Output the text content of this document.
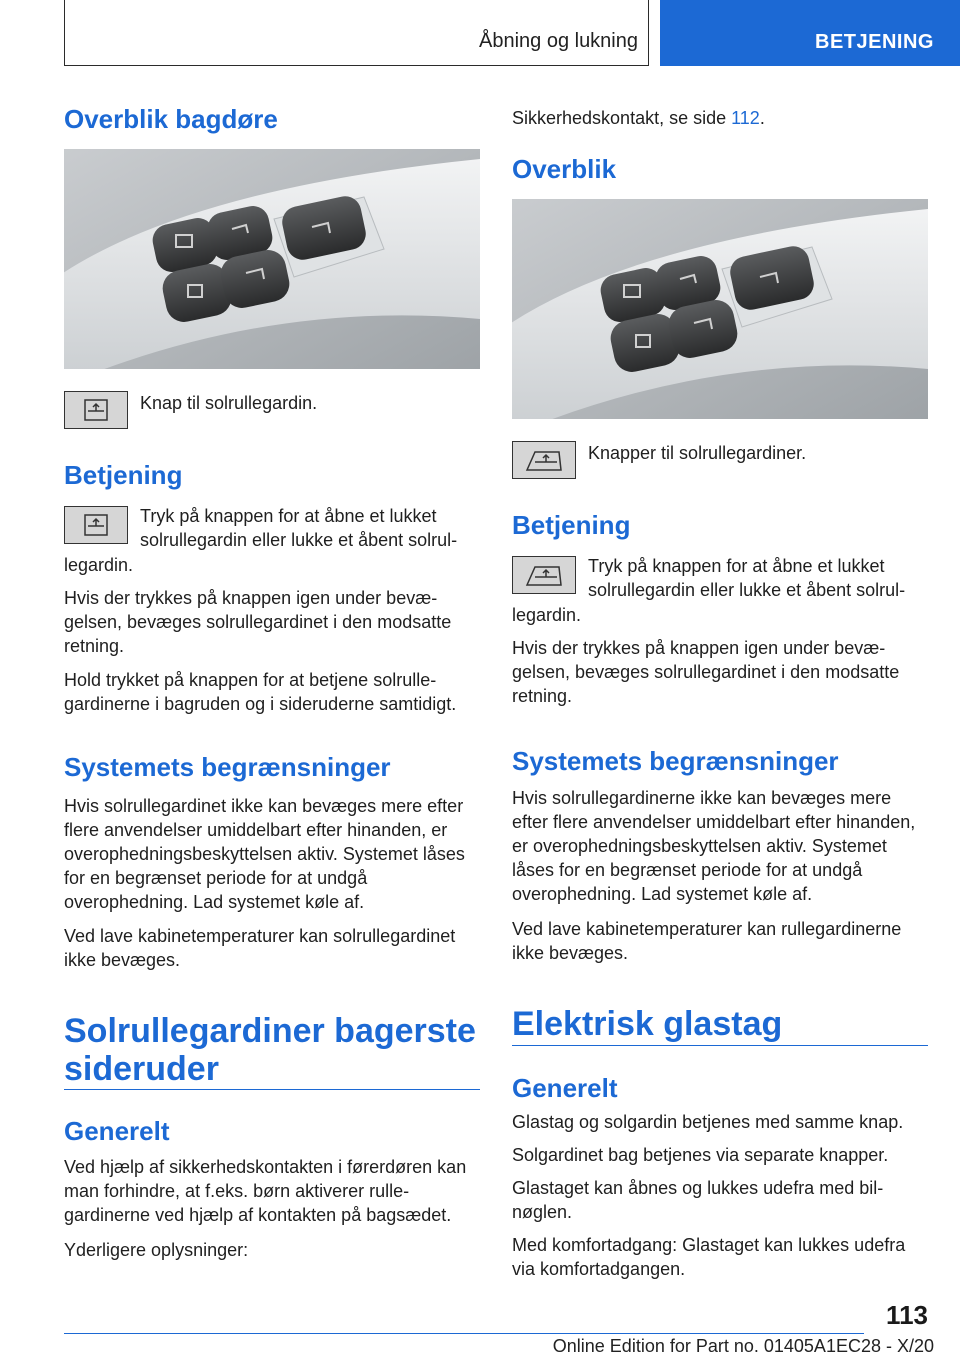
Åbning og lukning	BETJENING
Overblik bagdøre
Knap til solrullegardin.
Betjening
Tryk på knappen for at åbne et lukket
solrullegardin eller lukke et åbent solrul-
legardin.
Hvis der trykkes på knappen igen under bevægelsen, bevæges solrullegardinet i den modsatte retning.
Hold trykket på knappen for at betjene solrullegardinerne i bagruden og i sideruderne samtidigt.
Systemets begrænsninger
Hvis solrullegardinet ikke kan bevæges mere efter flere anvendelser umiddelbart efter hinanden, er overophedningsbeskyttelsen aktiv. Systemet låses for en begrænset periode for at undgå overophedning. Lad systemet køle af.
Ved lave kabinetemperaturer kan solrullegardinet ikke bevæges.
Solrullegardiner bagerste sideruder
Generelt
Ved hjælp af sikkerhedskontakten i førerdøren kan man forhindre, at f.eks. børn aktiverer rullegardinerne ved hjælp af kontakten på bagsædet.
Yderligere oplysninger:
Sikkerhedskontakt, se side 112.
Overblik
Knapper til solrullegardiner.
Betjening
Tryk på knappen for at åbne et lukket
solrullegardin eller lukke et åbent solrul-
legardin.
Hvis der trykkes på knappen igen under bevægelsen, bevæges solrullegardinet i den modsatte retning.
Systemets begrænsninger
Hvis solrullegardinerne ikke kan bevæges mere efter flere anvendelser umiddelbart efter hinanden, er overophedningsbeskyttelsen aktiv. Systemet låses for en begrænset periode for at undgå overophedning. Lad systemet køle af.
Ved lave kabinetemperaturer kan rullegardinerne ikke bevæges.
Elektrisk glastag
Generelt
Glastag og solgardin betjenes med samme knap.
Solgardinet bag betjenes via separate knapper.
Glastaget kan åbnes og lukkes udefra med bilnøglen.
Med komfortadgang: Glastaget kan lukkes udefra via komfortadgangen.
113
Online Edition for Part no. 01405A1EC28 - X/20
